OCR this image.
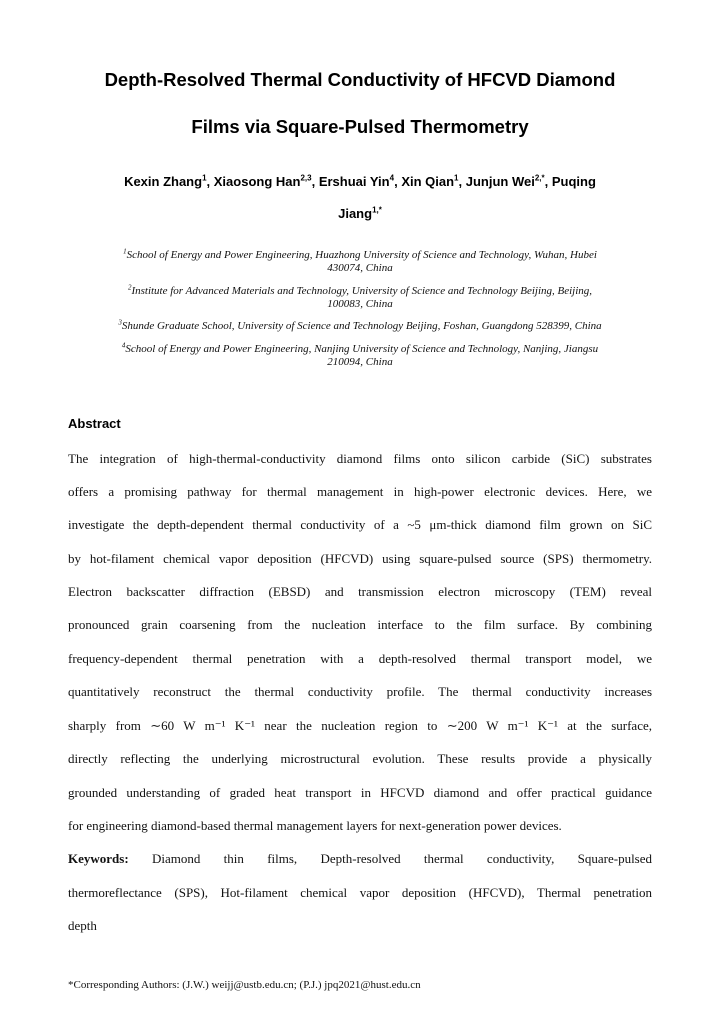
Depth-Resolved Thermal Conductivity of HFCVD Diamond
Films via Square-Pulsed Thermometry
Kexin Zhang$^1$, Xiaosong Han$^{2,3}$, Ershuai Yin$^4$, Xin Qian$^1$, Junjun Wei$^{2,*}$, Puqing
Jiang$^{1,*}$
$^1$School of Energy and Power Engineering, Huazhong University of Science and Technology, Wuhan, Hubei
430074, China
$^2$Institute for Advanced Materials and Technology, University of Science and Technology Beijing, Beijing,
100083, China
$^3$Shunde Graduate School, University of Science and Technology Beijing, Foshan, Guangdong 528399, China
$^4$School of Energy and Power Engineering, Nanjing University of Science and Technology, Nanjing, Jiangsu
210094, China
Abstract
The integration of high-thermal-conductivity diamond films onto silicon carbide (SiC) substrates
offers a promising pathway for thermal management in high-power electronic devices. Here, we
investigate the depth-dependent thermal conductivity of a ~5 μm-thick diamond film grown on SiC
by hot-filament chemical vapor deposition (HFCVD) using square-pulsed source (SPS) thermometry.
Electron backscatter diffraction (EBSD) and transmission electron microscopy (TEM) reveal
pronounced grain coarsening from the nucleation interface to the film surface. By combining
frequency-dependent thermal penetration with a depth-resolved thermal transport model, we
quantitatively reconstruct the thermal conductivity profile. The thermal conductivity increases
sharply from ∼60 W m⁻¹ K⁻¹ near the nucleation region to ∼200 W m⁻¹ K⁻¹ at the surface,
directly reflecting the underlying microstructural evolution. These results provide a physically
grounded understanding of graded heat transport in HFCVD diamond and offer practical guidance
for engineering diamond-based thermal management layers for next-generation power devices.
Keywords: Diamond thin films, Depth-resolved thermal conductivity, Square-pulsed
thermoreflectance (SPS), Hot-filament chemical vapor deposition (HFCVD), Thermal penetration
depth
*Corresponding Authors: (J.W.) weijj@ustb.edu.cn; (P.J.) jpq2021@hust.edu.cn
